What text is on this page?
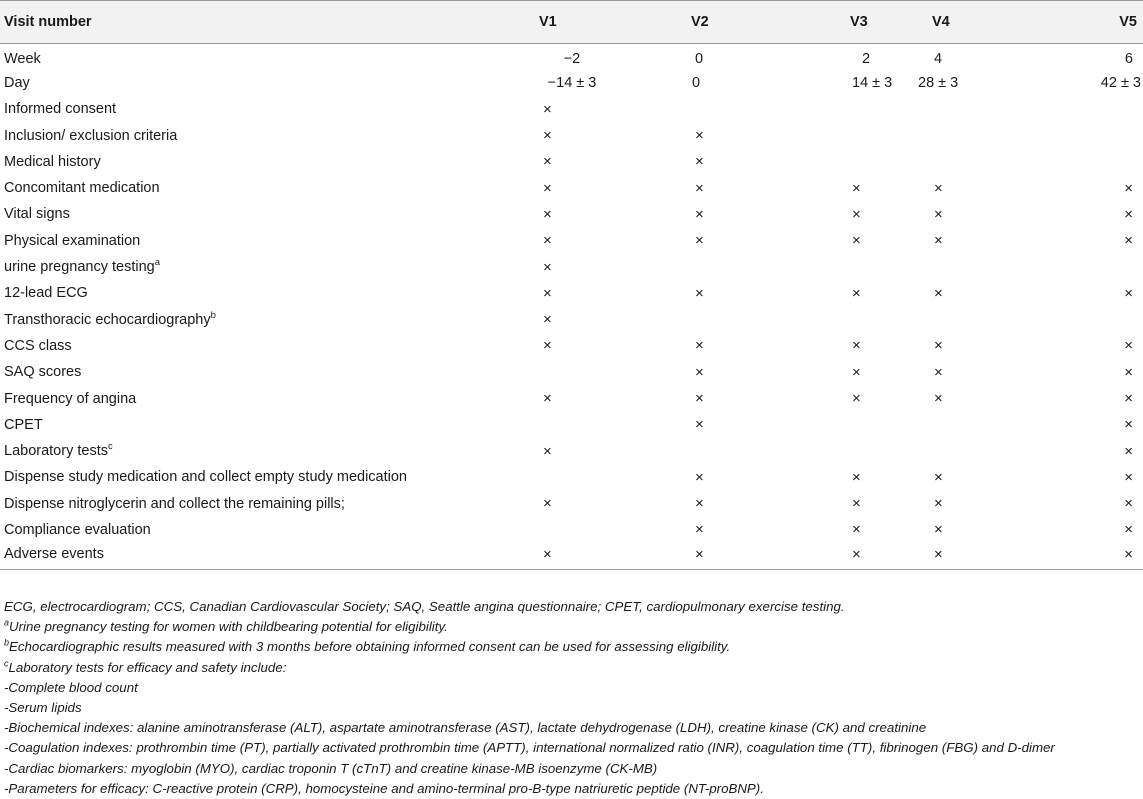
Visit number	V1	V2	V3	V4	V5
Week	−2	0	2	4	6
Day	−14 ± 3	0	14 ± 3	28 ± 3	42 ± 3
Informed consent	×				
Inclusion/ exclusion criteria	×	×			
Medical history	×	×			
Concomitant medication	×	×	×	×	×
Vital signs	×	×	×	×	×
Physical examination	×	×	×	×	×
urine pregnancy testing$^a$	×				
12-lead ECG	×	×	×	×	×
Transthoracic echocardiography$^b$	×				
CCS class	×	×	×	×	×
SAQ scores		×	×	×	×
Frequency of angina	×	×	×	×	×
CPET		×			×
Laboratory tests$^c$	×				×
Dispense study medication and collect empty study medication		×	×	×	×
Dispense nitroglycerin and collect the remaining pills;	×	×	×	×	×
Compliance evaluation		×	×	×	×
Adverse events	×	×	×	×	×
ECG, electrocardiogram; CCS, Canadian Cardiovascular Society; SAQ, Seattle angina questionnaire; CPET, cardiopulmonary exercise testing.
$^a$Urine pregnancy testing for women with childbearing potential for eligibility.
$^b$Echocardiographic results measured with 3 months before obtaining informed consent can be used for assessing eligibility.
$^c$Laboratory tests for efficacy and safety include:
-Complete blood count
-Serum lipids
-Biochemical indexes: alanine aminotransferase (ALT), aspartate aminotransferase (AST), lactate dehydrogenase (LDH), creatine kinase (CK) and creatinine
-Coagulation indexes: prothrombin time (PT), partially activated prothrombin time (APTT), international normalized ratio (INR), coagulation time (TT), fibrinogen (FBG) and D-dimer
-Cardiac biomarkers: myoglobin (MYO), cardiac troponin T (cTnT) and creatine kinase-MB isoenzyme (CK-MB)
-Parameters for efficacy: C-reactive protein (CRP), homocysteine and amino-terminal pro-B-type natriuretic peptide (NT-proBNP).
